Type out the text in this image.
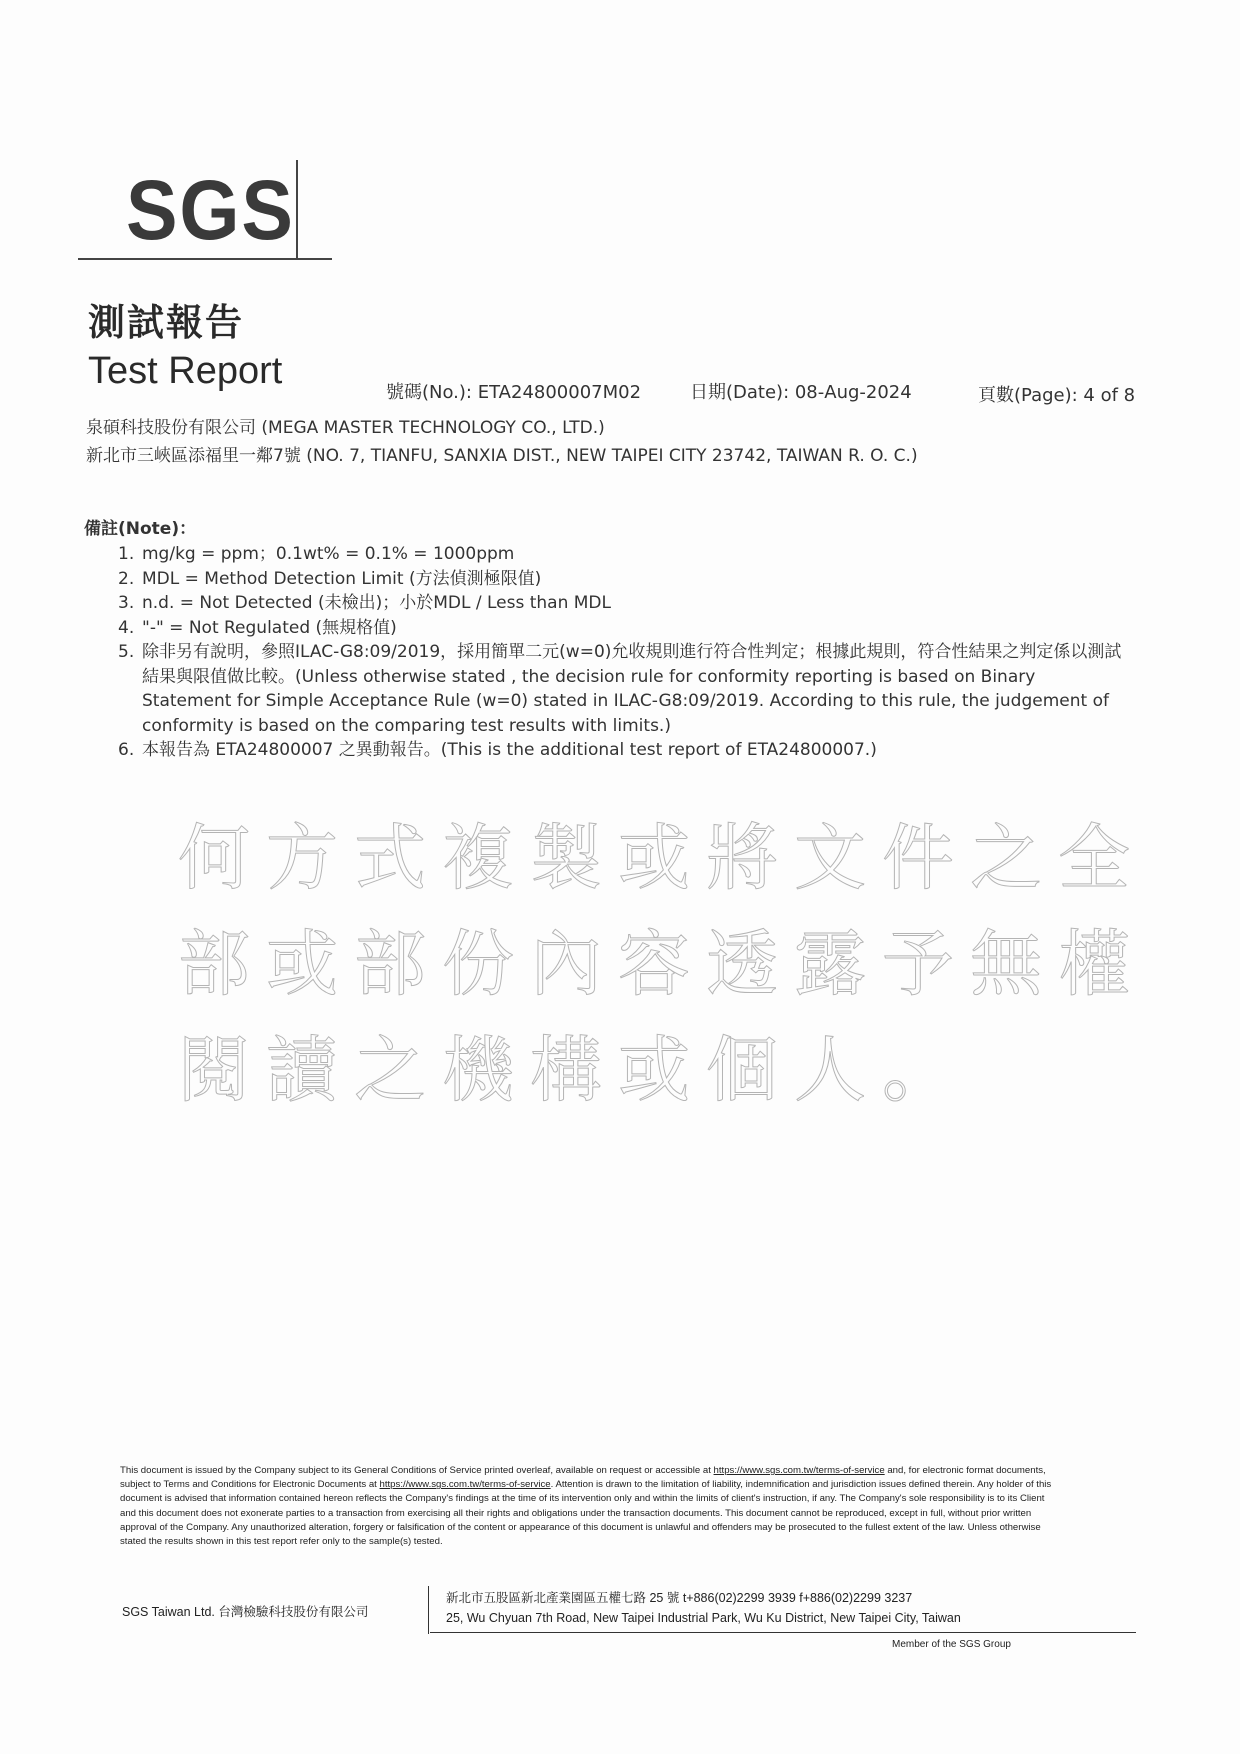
SGS
測試報告
Test Report
號碼(No.): ETA24800007M02	日期(Date): 08-Aug-2024	頁數(Page): 4 of 8
泉碩科技股份有限公司 (MEGA MASTER TECHNOLOGY CO., LTD.)
新北市三峽區添福里一鄰7號 (NO. 7, TIANFU, SANXIA DIST., NEW TAIPEI CITY 23742, TAIWAN R. O. C.)
備註(Note)：
1. mg/kg = ppm；0.1wt% = 0.1% = 1000ppm
2. MDL = Method Detection Limit (方法偵測極限值)
3. n.d. = Not Detected (未檢出)；小於MDL / Less than MDL
4. "-" = Not Regulated (無規格值)
5. 除非另有說明，參照ILAC-G8:09/2019，採用簡單二元(w=0)允收規則進行符合性判定；根據此規則，符合性結果之判定係以測試結果與限值做比較。(Unless otherwise stated , the decision rule for conformity reporting is based on Binary Statement for Simple Acceptance Rule (w=0) stated in ILAC-G8:09/2019. According to this rule, the judgement of conformity is based on the comparing test results with limits.)
6. 本報告為 ETA24800007 之異動報告。(This is the additional test report of ETA24800007.)
何方式複製或將文件之全
部或部份內容透露予無權
閱讀之機構或個人。
This document is issued by the Company subject to its General Conditions of Service printed overleaf, available on request or accessible at https://www.sgs.com.tw/terms-of-service and, for electronic format documents, subject to Terms and Conditions for Electronic Documents at https://www.sgs.com.tw/terms-of-service. Attention is drawn to the limitation of liability, indemnification and jurisdiction issues defined therein. Any holder of this document is advised that information contained hereon reflects the Company's findings at the time of its intervention only and within the limits of client's instruction, if any. The Company's sole responsibility is to its Client and this document does not exonerate parties to a transaction from exercising all their rights and obligations under the transaction documents. This document cannot be reproduced, except in full, without prior written approval of the Company. Any unauthorized alteration, forgery or falsification of the content or appearance of this document is unlawful and offenders may be prosecuted to the fullest extent of the law. Unless otherwise stated the results shown in this test report refer only to the sample(s) tested.
SGS Taiwan Ltd. 台灣檢驗科技股份有限公司
新北市五股區新北產業園區五權七路 25 號 t+886(02)2299 3939 f+886(02)2299 3237
25, Wu Chyuan 7th Road, New Taipei Industrial Park, Wu Ku District, New Taipei City, Taiwan
Member of the SGS Group
